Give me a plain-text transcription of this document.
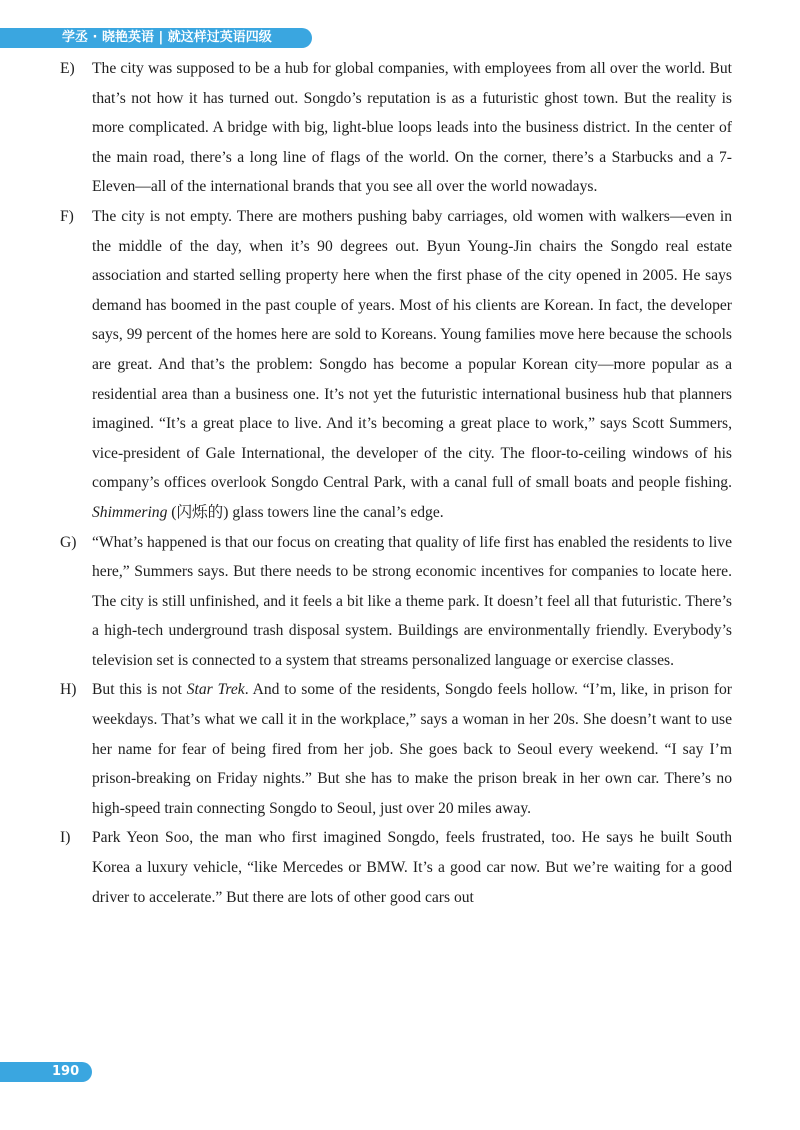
学丞 · 晓艳英语 | 就这样过英语四级

E) The city was supposed to be a hub for global companies, with employees from all over the world. But that’s not how it has turned out. Songdo’s reputation is as a futuristic ghost town. But the reality is more complicated. A bridge with big, light-blue loops leads into the business district. In the center of the main road, there’s a long line of flags of the world. On the corner, there’s a Starbucks and a 7-Eleven—all of the international brands that you see all over the world nowadays.

F) The city is not empty. There are mothers pushing baby carriages, old women with walkers—even in the middle of the day, when it’s 90 degrees out. Byun Young-Jin chairs the Songdo real estate association and started selling property here when the first phase of the city opened in 2005. He says demand has boomed in the past couple of years. Most of his clients are Korean. In fact, the developer says, 99 percent of the homes here are sold to Koreans. Young families move here because the schools are great. And that’s the problem: Songdo has become a popular Korean city—more popular as a residential area than a business one. It’s not yet the futuristic international business hub that planners imagined. “It’s a great place to live. And it’s becoming a great place to work,” says Scott Summers, vice-president of Gale International, the developer of the city. The floor-to-ceiling windows of his company’s offices overlook Songdo Central Park, with a canal full of small boats and people fishing. Shimmering (闪烁的) glass towers line the canal’s edge.

G) “What’s happened is that our focus on creating that quality of life first has enabled the residents to live here,” Summers says. But there needs to be strong economic incentives for companies to locate here. The city is still unfinished, and it feels a bit like a theme park. It doesn’t feel all that futuristic. There’s a high-tech underground trash disposal system. Buildings are environmentally friendly. Everybody’s television set is connected to a system that streams personalized language or exercise classes.

H) But this is not Star Trek. And to some of the residents, Songdo feels hollow. “I’m, like, in prison for weekdays. That’s what we call it in the workplace,” says a woman in her 20s. She doesn’t want to use her name for fear of being fired from her job. She goes back to Seoul every weekend. “I say I’m prison-breaking on Friday nights.” But she has to make the prison break in her own car. There’s no high-speed train connecting Songdo to Seoul, just over 20 miles away.

I) Park Yeon Soo, the man who first imagined Songdo, feels frustrated, too. He says he built South Korea a luxury vehicle, “like Mercedes or BMW. It’s a good car now. But we’re waiting for a good driver to accelerate.” But there are lots of other good cars out

190
